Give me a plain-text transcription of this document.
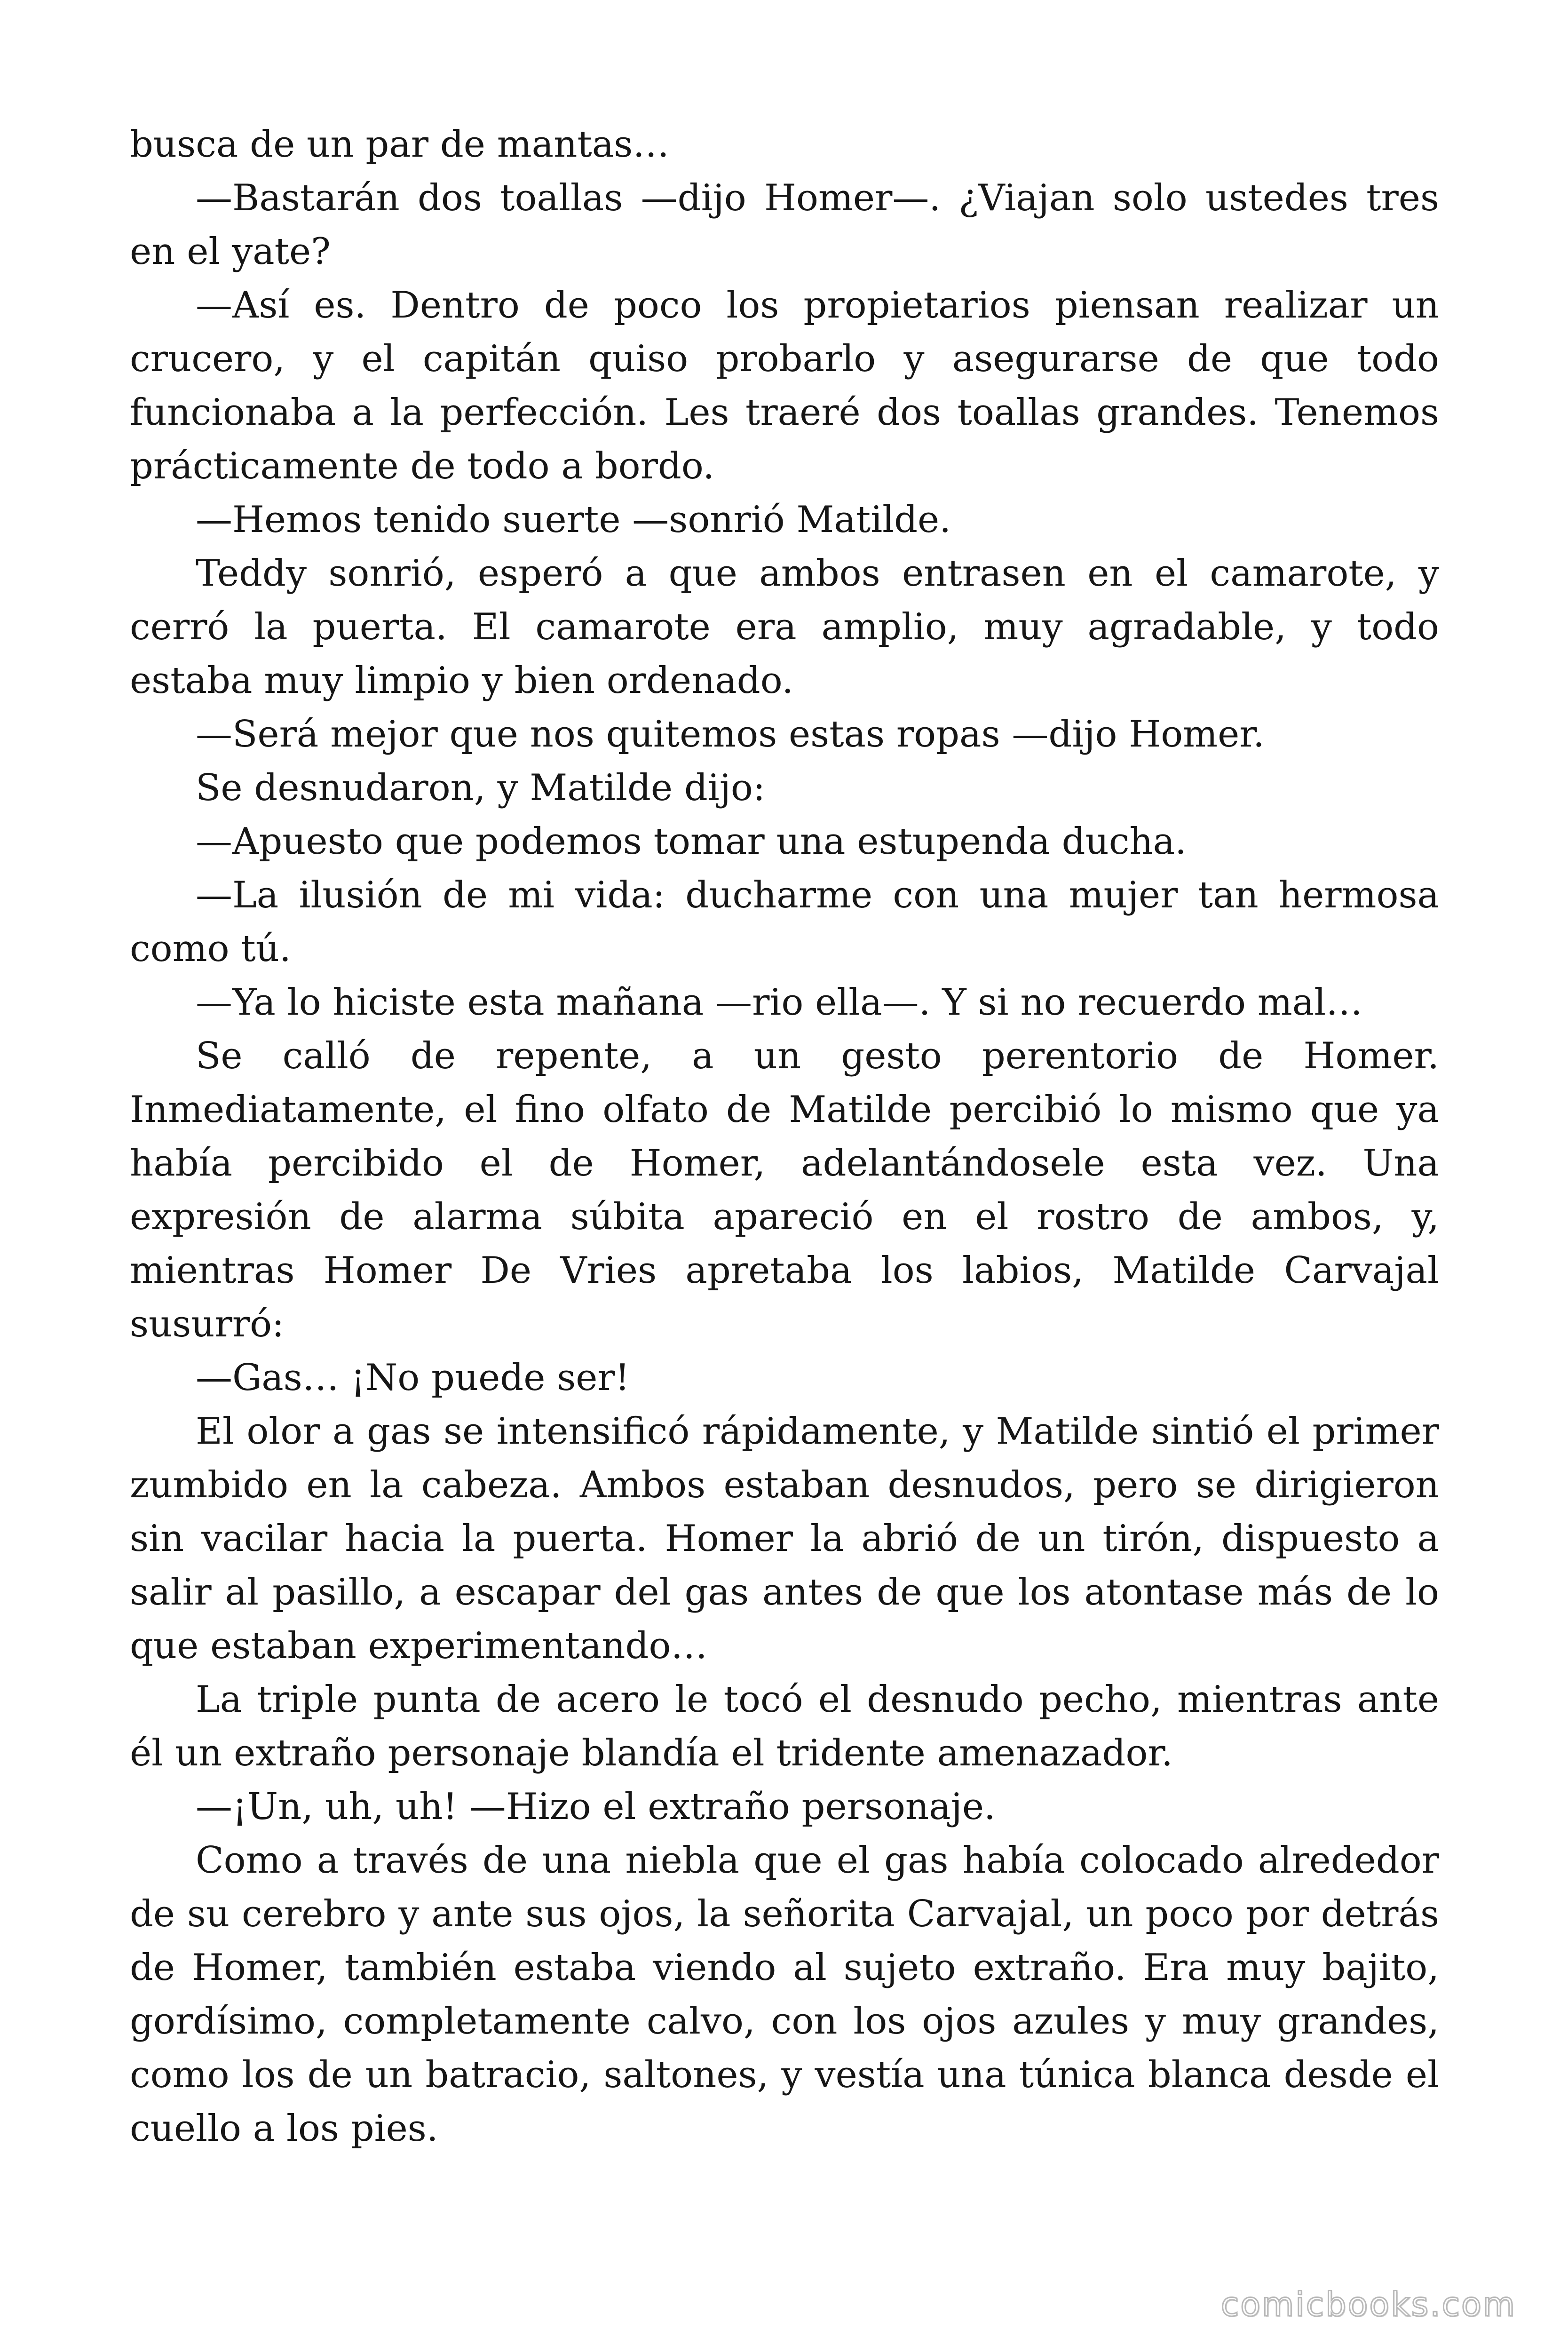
busca de un par de mantas…

—Bastarán dos toallas —dijo Homer—. ¿Viajan solo ustedes tres en el yate?

—Así es. Dentro de poco los propietarios piensan realizar un crucero, y el capitán quiso probarlo y asegurarse de que todo funcionaba a la perfección. Les traeré dos toallas grandes. Tenemos prácticamente de todo a bordo.

—Hemos tenido suerte —sonrió Matilde.

Teddy sonrió, esperó a que ambos entrasen en el camarote, y cerró la puerta. El camarote era amplio, muy agradable, y todo estaba muy limpio y bien ordenado.

—Será mejor que nos quitemos estas ropas —dijo Homer.

Se desnudaron, y Matilde dijo:

—Apuesto que podemos tomar una estupenda ducha.

—La ilusión de mi vida: ducharme con una mujer tan hermosa como tú.

—Ya lo hiciste esta mañana —rio ella—. Y si no recuerdo mal…

Se calló de repente, a un gesto perentorio de Homer. Inmediatamente, el fino olfato de Matilde percibió lo mismo que ya había percibido el de Homer, adelantándosele esta vez. Una expresión de alarma súbita apareció en el rostro de ambos, y, mientras Homer De Vries apretaba los labios, Matilde Carvajal susurró:

—Gas… ¡No puede ser!

El olor a gas se intensificó rápidamente, y Matilde sintió el primer zumbido en la cabeza. Ambos estaban desnudos, pero se dirigieron sin vacilar hacia la puerta. Homer la abrió de un tirón, dispuesto a salir al pasillo, a escapar del gas antes de que los atontase más de lo que estaban experimentando…

La triple punta de acero le tocó el desnudo pecho, mientras ante él un extraño personaje blandía el tridente amenazador.

—¡Un, uh, uh! —Hizo el extraño personaje.

Como a través de una niebla que el gas había colocado alrededor de su cerebro y ante sus ojos, la señorita Carvajal, un poco por detrás de Homer, también estaba viendo al sujeto extraño. Era muy bajito, gordísimo, completamente calvo, con los ojos azules y muy grandes, como los de un batracio, saltones, y vestía una túnica blanca desde el cuello a los pies.

comicbooks.com
